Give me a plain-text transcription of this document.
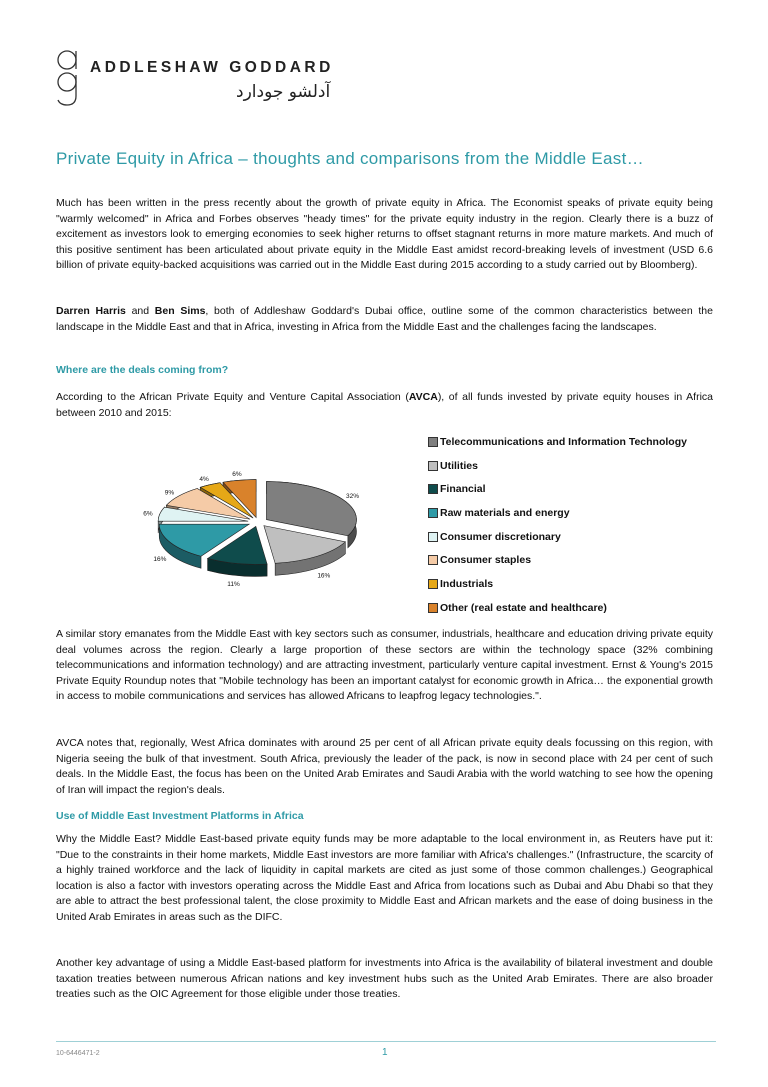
ADDLESHAW GODDARD
آدلشو جودارد
Private Equity in Africa – thoughts and comparisons from the Middle East…

Much has been written in the press recently about the growth of private equity in Africa. The Economist speaks of private equity being "warmly welcomed" in Africa and Forbes observes "heady times" for the private equity industry in the region. Clearly there is a buzz of excitement as investors look to emerging economies to seek higher returns to offset stagnant returns in more mature markets. And much of this positive sentiment has been articulated about private equity in the Middle East amidst record-breaking levels of investment (USD 6.6 billion of private equity-backed acquisitions was carried out in the Middle East during 2015 according to a study carried out by Bloomberg).

Darren Harris and Ben Sims, both of Addleshaw Goddard's Dubai office, outline some of the common characteristics between the landscape in the Middle East and that in Africa, investing in Africa from the Middle East and the challenges facing the landscapes.

Where are the deals coming from?

According to the African Private Equity and Venture Capital Association (AVCA), of all funds invested by private equity houses in Africa between 2010 and 2015:

32%
16%
11%
16%
6%
9%
4%
6%
Telecommunications and Information Technology
Utilities
Financial
Raw materials and energy
Consumer discretionary
Consumer staples
Industrials
Other (real estate and healthcare)

A similar story emanates from the Middle East with key sectors such as consumer, industrials, healthcare and education driving private equity deal volumes across the region. Clearly a large proportion of these sectors are within the technology space (32% combining telecommunications and information technology) and are attracting investment, particularly venture capital investment. Ernst & Young's 2015 Private Equity Roundup notes that "Mobile technology has been an important catalyst for economic growth in Africa… the exponential growth in access to mobile communications and services has allowed Africans to leapfrog legacy technologies.".

AVCA notes that, regionally, West Africa dominates with around 25 per cent of all African private equity deals focussing on this region, with Nigeria seeing the bulk of that investment. South Africa, previously the leader of the pack, is now in second place with 24 per cent of such deals. In the Middle East, the focus has been on the United Arab Emirates and Saudi Arabia with the world watching to see how the opening of Iran will impact the region's deals.

Use of Middle East Investment Platforms in Africa

Why the Middle East? Middle East-based private equity funds may be more adaptable to the local environment in, as Reuters have put it: "Due to the constraints in their home markets, Middle East investors are more familiar with Africa's challenges." (Infrastructure, the scarcity of a highly trained workforce and the lack of liquidity in capital markets are cited as just some of those common challenges.) Geographical location is also a factor with investors operating across the Middle East and Africa from locations such as Dubai and Abu Dhabi so that they are able to attract the best professional talent, the close proximity to Middle East and African markets and the ease of doing business in the United Arab Emirates in areas such as the DIFC.

Another key advantage of using a Middle East-based platform for investments into Africa is the availability of bilateral investment and double taxation treaties between numerous African nations and key investment hubs such as the United Arab Emirates. There are also broader treaties such as the OIC Agreement for those eligible under those treaties.

10-6446471-2	1
